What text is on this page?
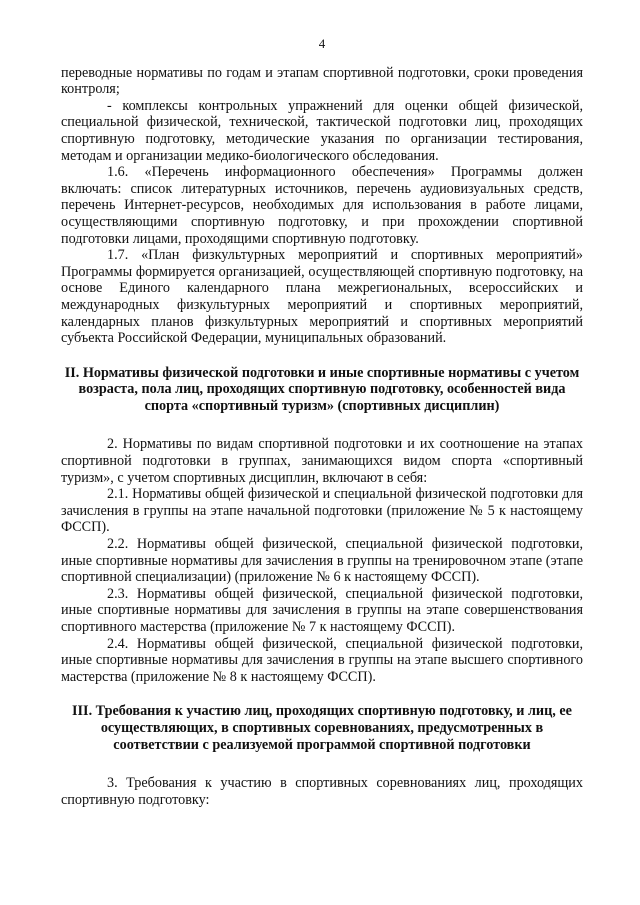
4

переводные нормативы по годам и этапам спортивной подготовки, сроки проведения контроля;

- комплексы контрольных упражнений для оценки общей физической, специальной физической, технической, тактической подготовки лиц, проходящих спортивную подготовку, методические указания по организации тестирования, методам и организации медико-биологического обследования.

1.6. «Перечень информационного обеспечения» Программы должен включать: список литературных источников, перечень аудиовизуальных средств, перечень Интернет-ресурсов, необходимых для использования в работе лицами, осуществляющими спортивную подготовку, и при прохождении спортивной подготовки лицами, проходящими спортивную подготовку.

1.7. «План физкультурных мероприятий и спортивных мероприятий» Программы формируется организацией, осуществляющей спортивную подготовку, на основе Единого календарного плана межрегиональных, всероссийских и международных физкультурных мероприятий и спортивных мероприятий, календарных планов физкультурных мероприятий и спортивных мероприятий субъекта Российской Федерации, муниципальных образований.

II. Нормативы физической подготовки и иные спортивные нормативы с учетом возраста, пола лиц, проходящих спортивную подготовку, особенностей вида спорта «спортивный туризм» (спортивных дисциплин)

2. Нормативы по видам спортивной подготовки и их соотношение на этапах спортивной подготовки в группах, занимающихся видом спорта «спортивный туризм», с учетом спортивных дисциплин, включают в себя:

2.1. Нормативы общей физической и специальной физической подготовки для зачисления в группы на этапе начальной подготовки (приложение № 5 к настоящему ФССП).

2.2. Нормативы общей физической, специальной физической подготовки, иные спортивные нормативы для зачисления в группы на тренировочном этапе (этапе спортивной специализации) (приложение № 6 к настоящему ФССП).

2.3. Нормативы общей физической, специальной физической подготовки, иные спортивные нормативы для зачисления в группы на этапе совершенствования спортивного мастерства (приложение № 7 к настоящему ФССП).

2.4. Нормативы общей физической, специальной физической подготовки, иные спортивные нормативы для зачисления в группы на этапе высшего спортивного мастерства (приложение № 8 к настоящему ФССП).

III. Требования к участию лиц, проходящих спортивную подготовку, и лиц, ее осуществляющих, в спортивных соревнованиях, предусмотренных в соответствии с реализуемой программой спортивной подготовки

3. Требования к участию в спортивных соревнованиях лиц, проходящих спортивную подготовку:
